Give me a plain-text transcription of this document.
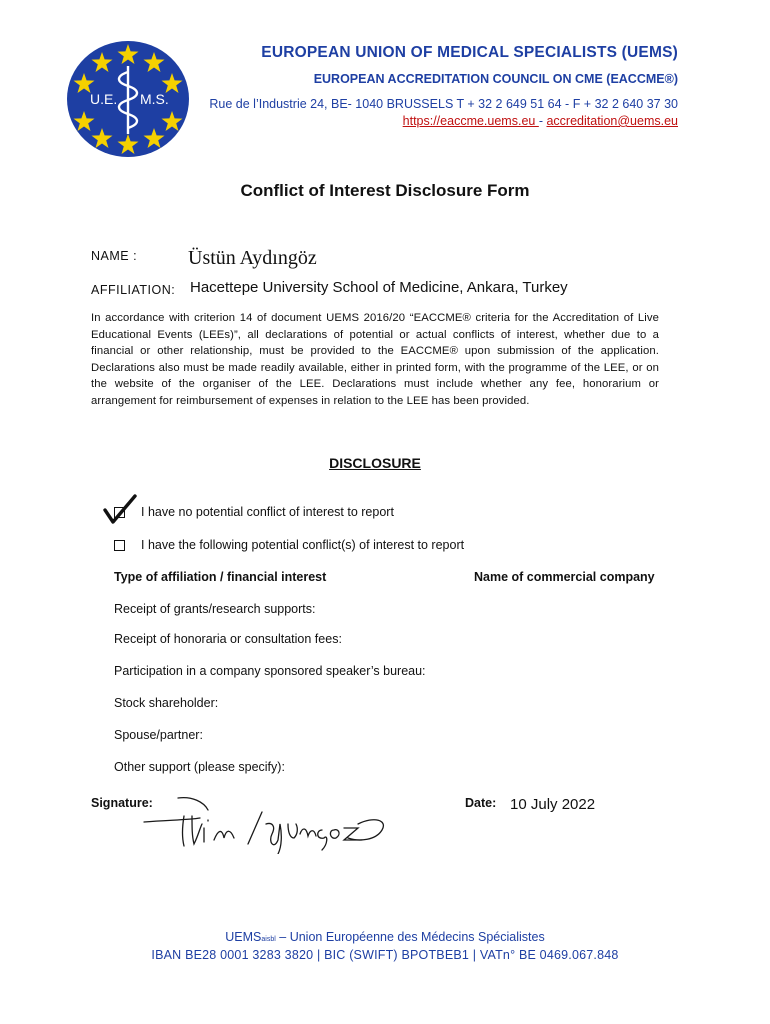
U.E. M.S.
EUROPEAN UNION OF MEDICAL SPECIALISTS (UEMS)
EUROPEAN ACCREDITATION COUNCIL ON CME (EACCME®)
Rue de l’Industrie 24, BE- 1040 BRUSSELS T + 32 2 649 51 64 - F + 32 2 640 37 30
https://eaccme.uems.eu - accreditation@uems.eu
Conflict of Interest Disclosure Form
NAME :	Üstün Aydıngöz
AFFILIATION: Hacettepe University School of Medicine, Ankara, Turkey
In accordance with criterion 14 of document UEMS 2016/20 “EACCME® criteria for the Accreditation of Live Educational Events (LEEs)”, all declarations of potential or actual conflicts of interest, whether due to a financial or other relationship, must be provided to the EACCME® upon submission of the application. Declarations also must be made readily available, either in printed form, with the programme of the LEE, or on the website of the organiser of the LEE. Declarations must include whether any fee, honorarium or arrangement for reimbursement of expenses in relation to the LEE has been provided.
DISCLOSURE
I have no potential conflict of interest to report
I have the following potential conflict(s) of interest to report
Type of affiliation / financial interest	Name of commercial company
Receipt of grants/research supports:
Receipt of honoraria or consultation fees:
Participation in a company sponsored speaker’s bureau:
Stock shareholder:
Spouse/partner:
Other support (please specify):
Signature:	Date: 10 July 2022
UEMSaisbl – Union Européenne des Médecins Spécialistes
IBAN BE28 0001 3283 3820 | BIC (SWIFT) BPOTBEB1 | VATn° BE 0469.067.848
